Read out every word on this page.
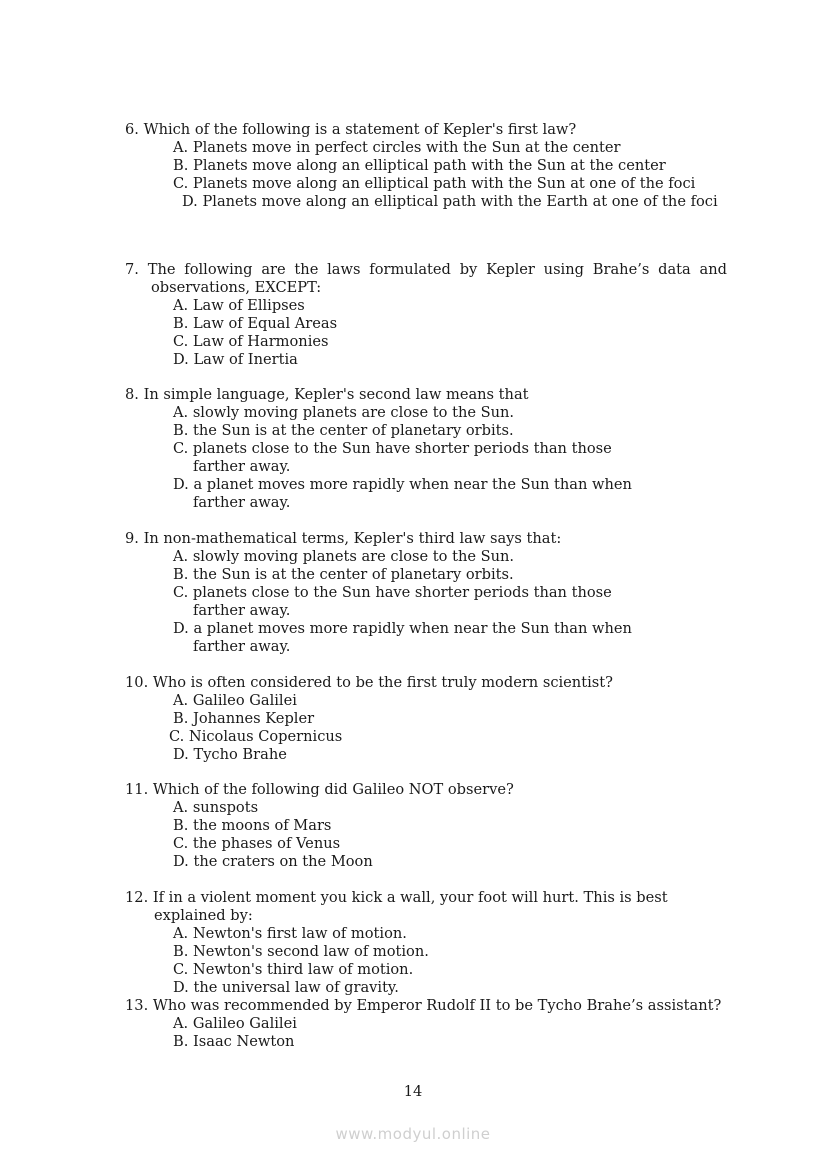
6. Which of the following is a statement of Kepler's first law?

A. Planets move in perfect circles with the Sun at the center

B. Planets move along an elliptical path with the Sun at the center

C. Planets move along an elliptical path with the Sun at one of the foci

D. Planets move along an elliptical path with the Earth at one of the foci

7. The following are the laws formulated by Kepler using Brahe’s data and observations, EXCEPT:

A. Law of Ellipses

B. Law of Equal Areas

C. Law of Harmonies

D. Law of Inertia

8. In simple language, Kepler's second law means that

A. slowly moving planets are close to the Sun.

B. the Sun is at the center of planetary orbits.

C. planets close to the Sun have shorter periods than those

farther away.

D. a planet moves more rapidly when near the Sun than when

farther away.

9. In non-mathematical terms, Kepler's third law says that:

A. slowly moving planets are close to the Sun.

B. the Sun is at the center of planetary orbits.

C. planets close to the Sun have shorter periods than those

farther away.

D. a planet moves more rapidly when near the Sun than when

farther away.

10. Who is often considered to be the first truly modern scientist?

A. Galileo Galilei

B. Johannes Kepler

C. Nicolaus Copernicus

D. Tycho Brahe

11. Which of the following did Galileo NOT observe?

A. sunspots

B. the moons of Mars

C. the phases of Venus

D. the craters on the Moon

12. If in a violent moment you kick a wall, your foot will hurt. This is best

explained by:

A. Newton's first law of motion.

B. Newton's second law of motion.

C. Newton's third law of motion.

D. the universal law of gravity.

13. Who was recommended by Emperor Rudolf II to be Tycho Brahe’s assistant?

A. Galileo Galilei

B. Isaac Newton

14
www.modyul.online
